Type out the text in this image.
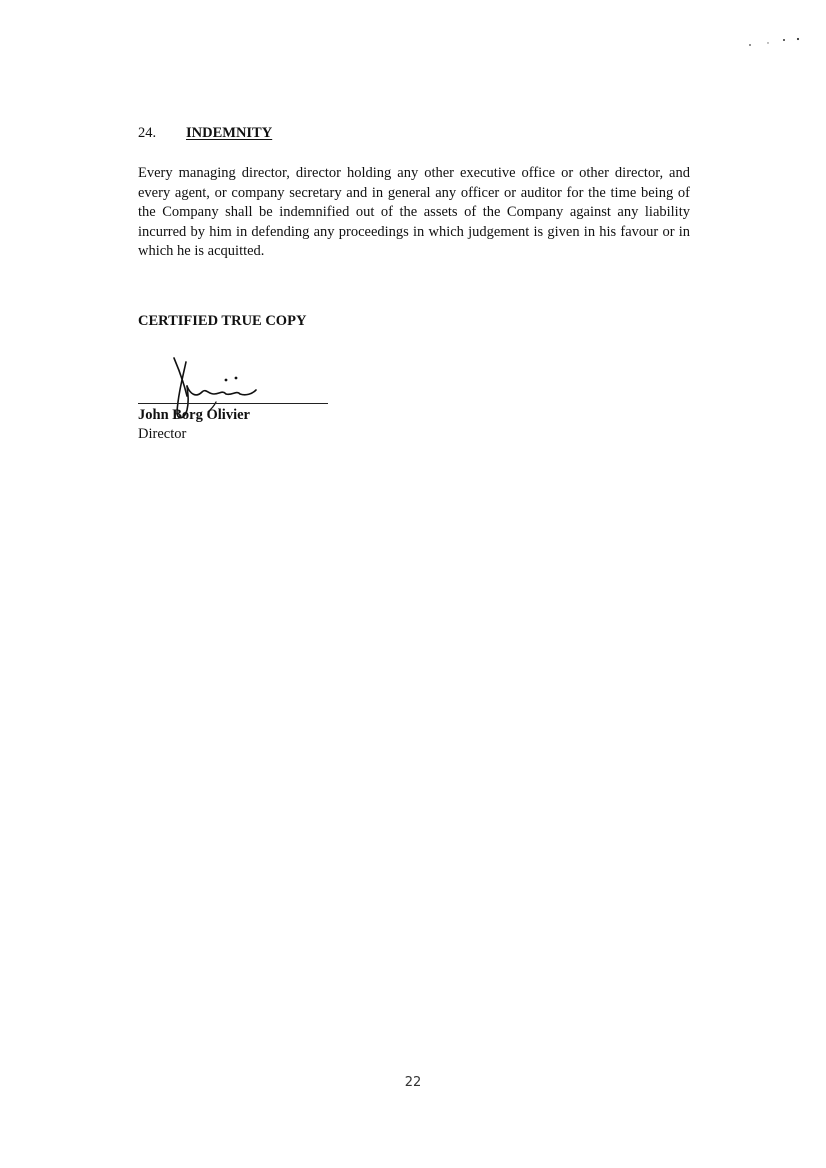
24. INDEMNITY

Every managing director, director holding any other executive office or other director, and every agent, or company secretary and in general any officer or auditor for the time being of the Company shall be indemnified out of the assets of the Company against any liability incurred by him in defending any proceedings in which judgement is given in his favour or in which he is acquitted.

CERTIFIED TRUE COPY
John Borg Olivier
Director
22
